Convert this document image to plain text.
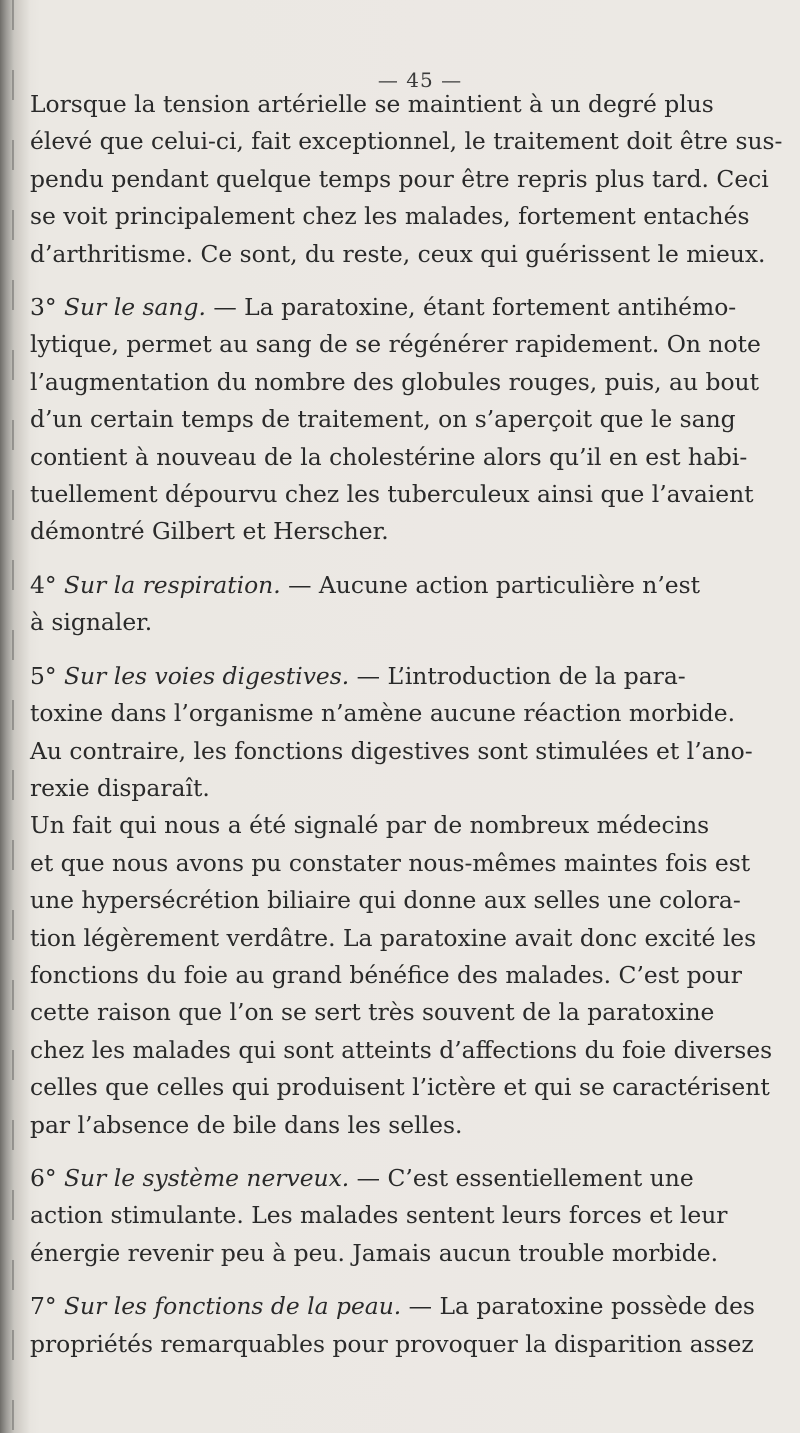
— 45 —

Lorsque la tension artérielle se maintient à un degré plus

élevé que celui-ci, fait exceptionnel, le traitement doit être sus-

pendu pendant quelque temps pour être repris plus tard. Ceci

se voit principalement chez les malades, fortement entachés

d’arthritisme. Ce sont, du reste, ceux qui guérissent le mieux.

3° Sur le sang. — La paratoxine, étant fortement antihémo-

lytique, permet au sang de se régénérer rapidement. On note

l’augmentation du nombre des globules rouges, puis, au bout

d’un certain temps de traitement, on s’aperçoit que le sang

contient à nouveau de la cholestérine alors qu’il en est habi-

tuellement dépourvu chez les tuberculeux ainsi que l’avaient

démontré Gilbert et Herscher.

4° Sur la respiration. — Aucune action particulière n’est

à signaler.

5° Sur les voies digestives. — L’introduction de la para-

toxine dans l’organisme n’amène aucune réaction morbide.

Au contraire, les fonctions digestives sont stimulées et l’ano-

rexie disparaît.

Un fait qui nous a été signalé par de nombreux médecins

et que nous avons pu constater nous-mêmes maintes fois est

une hypersécrétion biliaire qui donne aux selles une colora-

tion légèrement verdâtre. La paratoxine avait donc excité les

fonctions du foie au grand bénéfice des malades. C’est pour

cette raison que l’on se sert très souvent de la paratoxine

chez les malades qui sont atteints d’affections du foie diverses

celles que celles qui produisent l’ictère et qui se caractérisent

par l’absence de bile dans les selles.

6° Sur le système nerveux. — C’est essentiellement une

action stimulante. Les malades sentent leurs forces et leur

énergie revenir peu à peu. Jamais aucun trouble morbide.

7° Sur les fonctions de la peau. — La paratoxine possède des

propriétés remarquables pour provoquer la disparition assez
